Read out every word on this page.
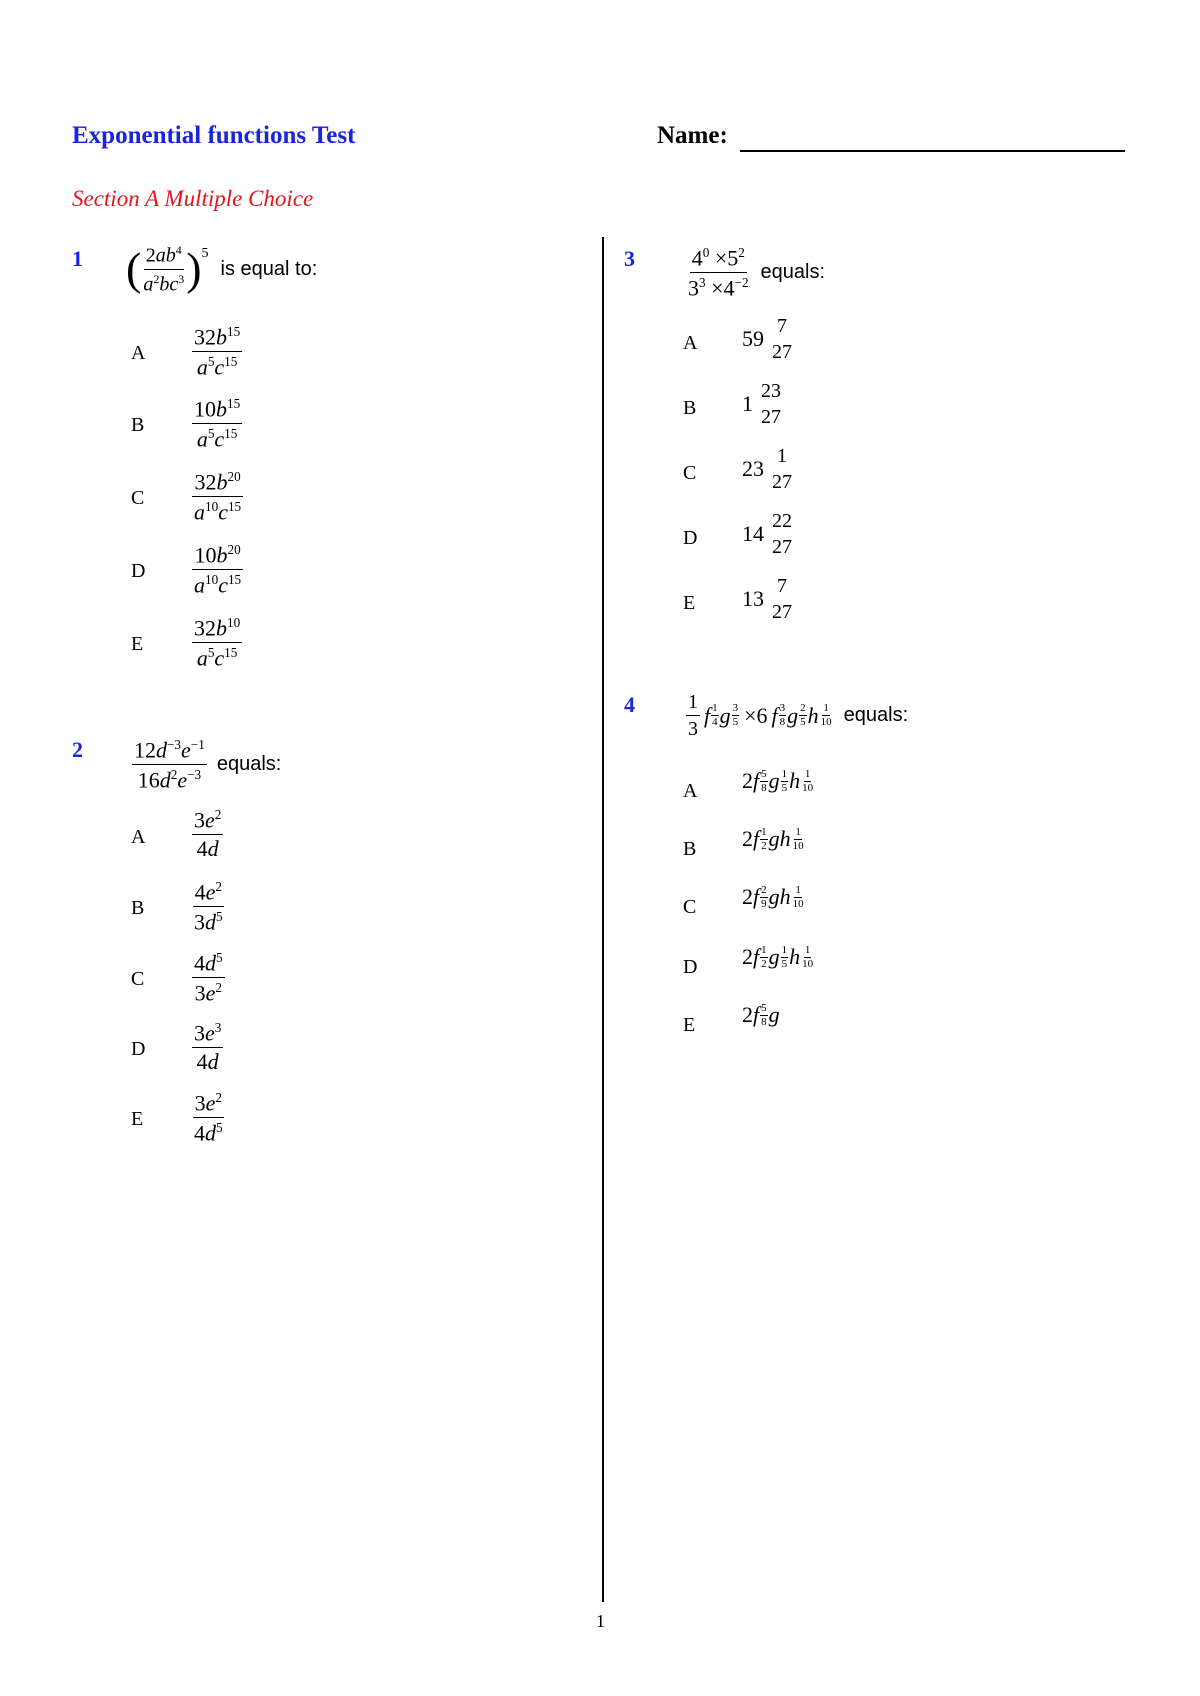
Exponential functions Test	Name:
Section A Multiple Choice
1
1 ( $\frac{2ab^4}{a^2bc^3}$ ) 5
is equal to:
A $\frac{32b^{15}}{a^5c^{15}}$
B $\frac{10b^{15}}{a^5c^{15}}$
C $\frac{32b^{20}}{a^{10}c^{15}}$
D $\frac{10b^{20}}{a^{10}c^{15}}$
E $\frac{32b^{10}}{a^5c^{15}}$
$2 \frac{12d^{-3}e^{-1}}{16d^2e^{-3}}$ equals:
A $\frac{3e^2}{4d}$
B $\frac{4e^2}{3d^5}$
C $\frac{4d^5}{3e^2}$
D $\frac{3e^3}{4d}$
E $\frac{3e^2}{4d^5}$
$3 \frac{4^0 \times 5^2}{3^3 \times 4^{-2}}$ equals:
A 59 7
27
B 1 23
27
C 23 1
27
D 14 22
27
E 13 7
27
4	$\frac{1}{3}$ f $\frac{1}{4}$ g $\frac{3}{5} \times 6$ f $\frac{3}{8}$ g $\frac{2}{5}$ h $\frac{1}{10}$ equals:
A $2f \frac{5}{8}$ g $\frac{1}{5}$ h $\frac{1}{10}$
B $2f \frac{1}{2}$ gh $\frac{1}{10}$
C $2f \frac{2}{9}$ gh $\frac{1}{10}$
D $2f \frac{1}{2}$ g $\frac{1}{5}$ h $\frac{1}{10}$
E $2f \frac{5}{8}$ g
